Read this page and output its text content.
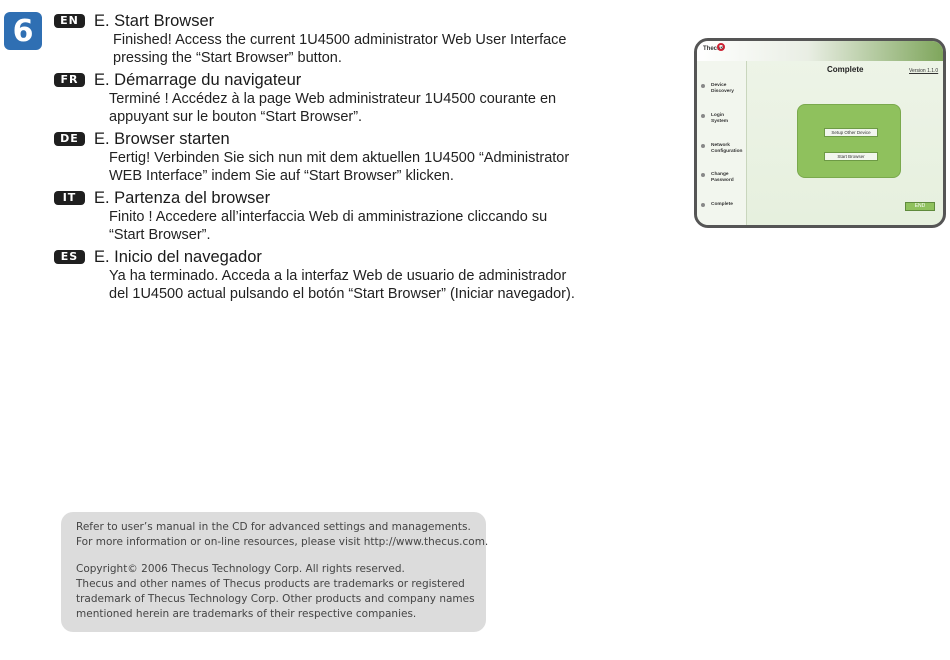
6	EN E. Start Browser
Finished! Access the current 1U4500 administrator Web User Interface
pressing the “Start Browser” button.
FR E. Démarrage du navigateur
Terminé ! Accédez à la page Web administrateur 1U4500 courante en
appuyant sur le bouton “Start Browser”.
DE E. Browser starten
Fertig! Verbinden Sie sich nun mit dem aktuellen 1U4500 “Administrator
WEB Interface” indem Sie auf “Start Browser” klicken.
IT	E. Partenza del browser
Finito ! Accedere all’interfaccia Web di amministrazione cliccando su
“Start Browser”.
ES E. Inicio del navegador
Ya ha terminado. Acceda a la interfaz Web de usuario de administrador
del 1U4500 actual pulsando el botón “Start Browser” (Iniciar navegador).
Thecus
Device
Discovery
Login
System
Network
Configuration
Change
Password
Complete
Complete	Version 1.1.0
Setup Other Device
Start Browser
END
Refer to user’s manual in the CD for advanced settings and managements.
For more information or on-line resources, please visit http://www.thecus.com.
Copyright© 2006 Thecus Technology Corp. All rights reserved.
Thecus and other names of Thecus products are trademarks or registered
trademark of Thecus Technology Corp. Other products and company names
mentioned herein are trademarks of their respective companies.
